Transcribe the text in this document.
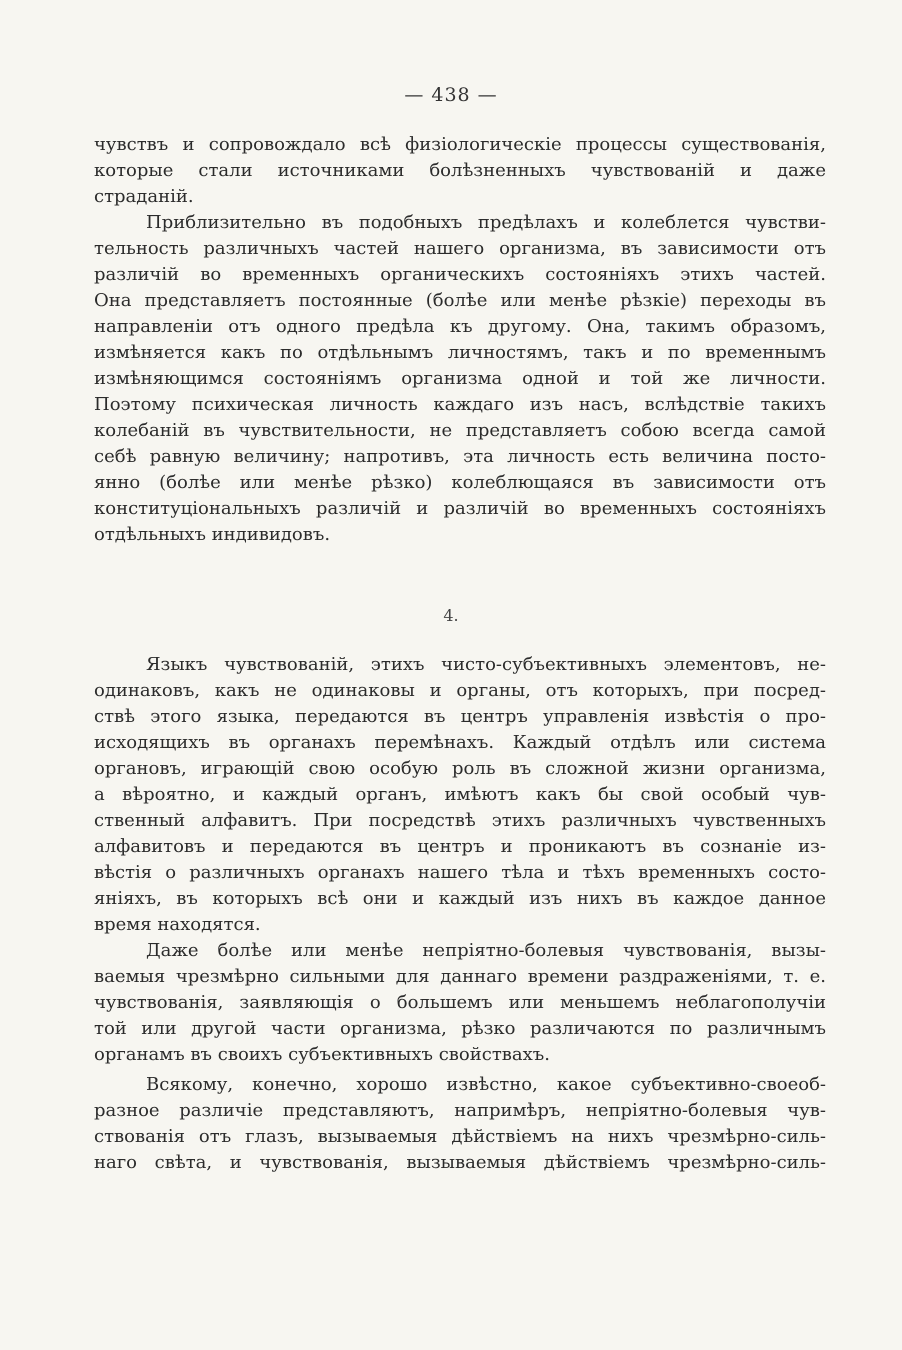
— 438 —
чувствъ и сопровождало всѣ физіологическіе процессы существованія,
которые стали источниками болѣзненныхъ чувствованій и даже
страданій.
Приблизительно въ подобныхъ предѣлахъ и колеблется чувстви-
тельность различныхъ частей нашего организма, въ зависимости отъ
различій во временныхъ органическихъ состояніяхъ этихъ частей.
Она представляетъ постоянные (болѣе или менѣе рѣзкіе) переходы въ
направленіи отъ одного предѣла къ другому. Она, такимъ образомъ,
измѣняется какъ по отдѣльнымъ личностямъ, такъ и по временнымъ
измѣняющимся состояніямъ организма одной и той же личности.
Поэтому психическая личность каждаго изъ насъ, вслѣдствіе такихъ
колебаній въ чувствительности, не представляетъ собою всегда самой
себѣ равную величину; напротивъ, эта личность есть величина посто-
янно (болѣе или менѣе рѣзко) колеблющаяся въ зависимости отъ
конституціональныхъ различій и различій во временныхъ состояніяхъ
отдѣльныхъ индивидовъ.
4.
Языкъ чувствованій, этихъ чисто-субъективныхъ элементовъ, не-
одинаковъ, какъ не одинаковы и органы, отъ которыхъ, при посред-
ствѣ этого языка, передаются въ центръ управленія извѣстія о про-
исходящихъ въ органахъ перемѣнахъ. Каждый отдѣлъ или система
органовъ, играющій свою особую роль въ сложной жизни организма,
а вѣроятно, и каждый органъ, имѣютъ какъ бы свой особый чув-
ственный алфавитъ. При посредствѣ этихъ различныхъ чувственныхъ
алфавитовъ и передаются въ центръ и проникаютъ въ сознаніе из-
вѣстія о различныхъ органахъ нашего тѣла и тѣхъ временныхъ состо-
яніяхъ, въ которыхъ всѣ они и каждый изъ нихъ въ каждое данное
время находятся.
Даже болѣе или менѣе непріятно-болевыя чувствованія, вызы-
ваемыя чрезмѣрно сильными для даннаго времени раздраженіями, т. е.
чувствованія, заявляющія о большемъ или меньшемъ неблагополучіи
той или другой части организма, рѣзко различаются по различнымъ
органамъ въ своихъ субъективныхъ свойствахъ.
Всякому, конечно, хорошо извѣстно, какое субъективно-своеоб-
разное различіе представляютъ, напримѣръ, непріятно-болевыя чув-
ствованія отъ глазъ, вызываемыя дѣйствіемъ на нихъ чрезмѣрно-силь-
наго свѣта, и чувствованія, вызываемыя дѣйствіемъ чрезмѣрно-силь-
